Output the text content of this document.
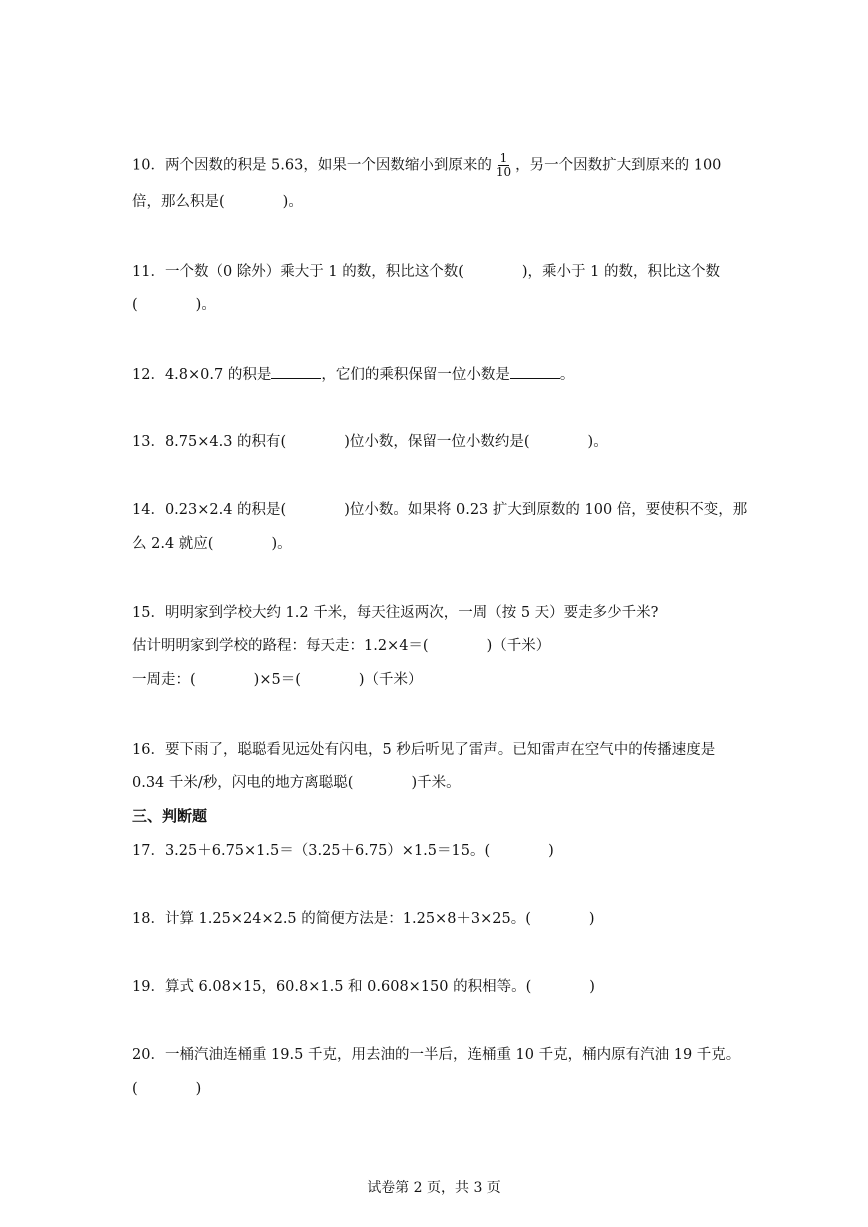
10．两个因数的积是 5.63，如果一个因数缩小到原来的 $\frac{1}{10}$ ，另一个因数扩大到原来的 100
倍，那么积是(	)。
11．一个数（0 除外）乘大于 1 的数，积比这个数(	)，乘小于 1 的数，积比这个数
(	)。
12．4.8×0.7 的积是	，它们的乘积保留一位小数是	。
13．8.75×4.3 的积有(	)位小数，保留一位小数约是(	)。
14．0.23×2.4 的积是(	)位小数。如果将 0.23 扩大到原数的 100 倍，要使积不变，那
么 2.4 就应(	)。
15．明明家到学校大约 1.2 千米，每天往返两次，一周（按 5 天）要走多少千米?
估计明明家到学校的路程：每天走：1.2×4＝(	)（千米）
一周走：(	)×5＝(	)（千米）
16．要下雨了，聪聪看见远处有闪电，5 秒后听见了雷声。已知雷声在空气中的传播速度是
0.34 千米/秒，闪电的地方离聪聪(	)千米。
三、判断题
17．3.25＋6.75×1.5＝（3.25＋6.75）×1.5＝15。(	)
18．计算 1.25×24×2.5 的简便方法是：1.25×8＋3×25。(	)
19．算式 6.08×15，60.8×1.5 和 0.608×150 的积相等。(	)
20．一桶汽油连桶重 19.5 千克，用去油的一半后，连桶重 10 千克，桶内原有汽油 19 千克。
(	)
试卷第 2 页，共 3 页
